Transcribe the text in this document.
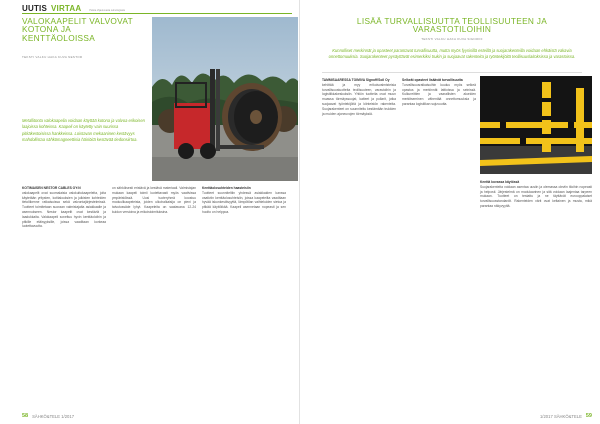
UUTIS VIRTAA	Palsta ohjautuvasta teknologiasta
VALOKAAPELIT VALVOVAT KOTONA JA KENTTÄOLOISSA
TEKSTI VALKU HAKA KUVA NESTOR
Metallitonta valokaapelia voidaan käyttää kotona ja valvoa erikoisen laajoissa kohteissa. Kaapeli on käytetty vain suurissa pitkäkestoisissa hankkeissa. Loistavan mekaaninen kestävyys mahdollistaa sähkömagneettisia häiriöitä kestävää tiedonsiirtoa.
KOTIMAISEN NESTOR CABLES OY:N
valokaapelit ovat suomalaisia valokuitukaapeleita, joita käytetään yritysten, kotitalouksien ja julkisten kohteiden tietoliikenne ratkaisuissa sekä valvontajärjestelmissä. Tuotteet toimitetaan suoraan valmistajalta asiakkaalle ja asennukseen. Nestor kaapelit ovat kestäviä ja laadukkaita. Valokaapeli soveltuu hyvin kenttäoloihin ja pitkille etäisyyksille, joissa vaaditaan korkeaa luotettavuutta.
on sähköisesti eristävä ja kestävä materiaali. Valmistajan mukaan kaapeli toimii luotettavasti myös vaativissa ympäristöissä. Uusi tuoteryhmä koostuu moduulikaapeleista, joiden ulkohalkaisija on pieni ja taivutussäde lyhyt. Kaapeleita on saatavana 12-24 kuidun versioina ja erikoistoimituksina.
Kenttäolosuhteiden haasteisiin
Tuotteet suunniteltiin yhdessä asiakkaiden kanssa vaativiin kenttäolosuhteisiin, joissa kaapeleilta vaaditaan hyvää iskunkestävyyttä, lämpötilan vaihteluiden sietoa ja pitkää käyttöikää. Kaapeli asennetaan nopeasti ja sen huolto on helppoa.
58 SÄHKÖ&TELE 1/2017
LISÄÄ TURVALLISUUTTA TEOLLISUUTEEN JA VARASTOTILOIHIN
TEKSTI VALKU HAKA KUVA SIGNOFF
Kunnolliset merkinnät ja opasteet parantavat turvallisuutta, mutta myös fyysisillä esteillä ja suojarakenteilla voidaan ehkäistä vakavia onnettomuuksia. Suojarakenteet pysäyttävät esimerkiksi trukin ja suojaavat rakenteita ja työntekijöitä teollisuuslaitoksissa ja varastoissa.
TAMMISAARESSA TOIMIVA Signoff/Soil Oy
kehittää ja myy erikoisvalmisteisia turvallisuustuotteita teollisuuteen, varastoihin ja logistiikkakeskuksiin. Yhtiön tuotteita ovat muun muassa törmäyssuojat, kaiteet ja pollarit, jotka suojaavat työntekijöitä ja kiinteistön rakenteita. Suojarakenteet on suunniteltu kestämään trukkien ja muiden ajoneuvojen törmäyksiä.
Selkeät opasteet lisäävät turvallisuutta
Turvallisuusratkaisuihin kuuluu myös selkeä opastus ja merkinnät lattioissa ja seinissä. Kulkureittien ja vaarallisten alueiden merkitseminen vähentää onnettomuuksia ja parantaa logistiikan sujuvuutta.
Kenttä kovassa käytössä
Suojarakenteita voidaan asentaa uusiin ja olemassa oleviin tiloihin nopeasti ja helposti. Järjestelmä on modulaarinen ja sitä voidaan laajentaa tarpeen mukaan. Tuotteet on testattu ja ne täyttävät eurooppalaiset turvallisuusstandardit. Rakenteiden värit ovat keltainen ja musta, mikä parantaa näkyvyyttä.
1/2017 SÄHKÖ&TELE 59
